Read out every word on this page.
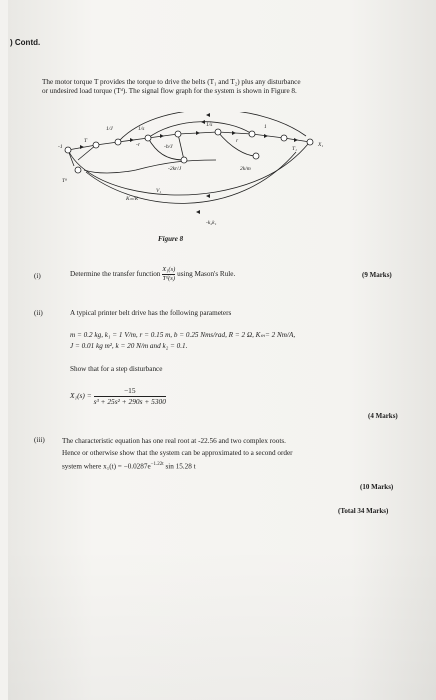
) Contd.
The motor torque T provides the torque to drive the belts (T₁ and T₂) plus any disturbance
or undesired load torque (Tᵈ). The signal flow graph for the system is shown in Figure 8.
T
1/J
-1	-r
1/s
-b/J
1/s
r
1
T₁
X₁
-2kr/J	2k/m
Tᵈ
Kₘ/R
V₁
-k₂k₁
Figure 8
(i)	Determine the transfer function $\frac{\text{X₁(s)}}{\text{Tᵈ(s)}}$ using Mason's Rule.	(9 Marks)
(ii)	A typical printer belt drive has the following parameters
m = 0.2 kg, k₁ = 1 V/m, r = 0.15 m, b = 0.25 Nms/rad, R = 2 Ω, Kₘ= 2 Nm/A,
J = 0.01 kg m², k = 20 N/m and k₂ = 0.1.
Show that for a step disturbance
$X_1(s) = \frac{-15}{\text{s³ + 25s² + 290s + 5300}}$
(4 Marks)
(iii) The characteristic equation has one real root at -22.56 and two complex roots.
Hence or otherwise show that the system can be approximated to a second order
system where $x_1(t) = -0.0287e^{-1.22t}$ sin 15.28 t
(10 Marks)
(Total 34 Marks)
